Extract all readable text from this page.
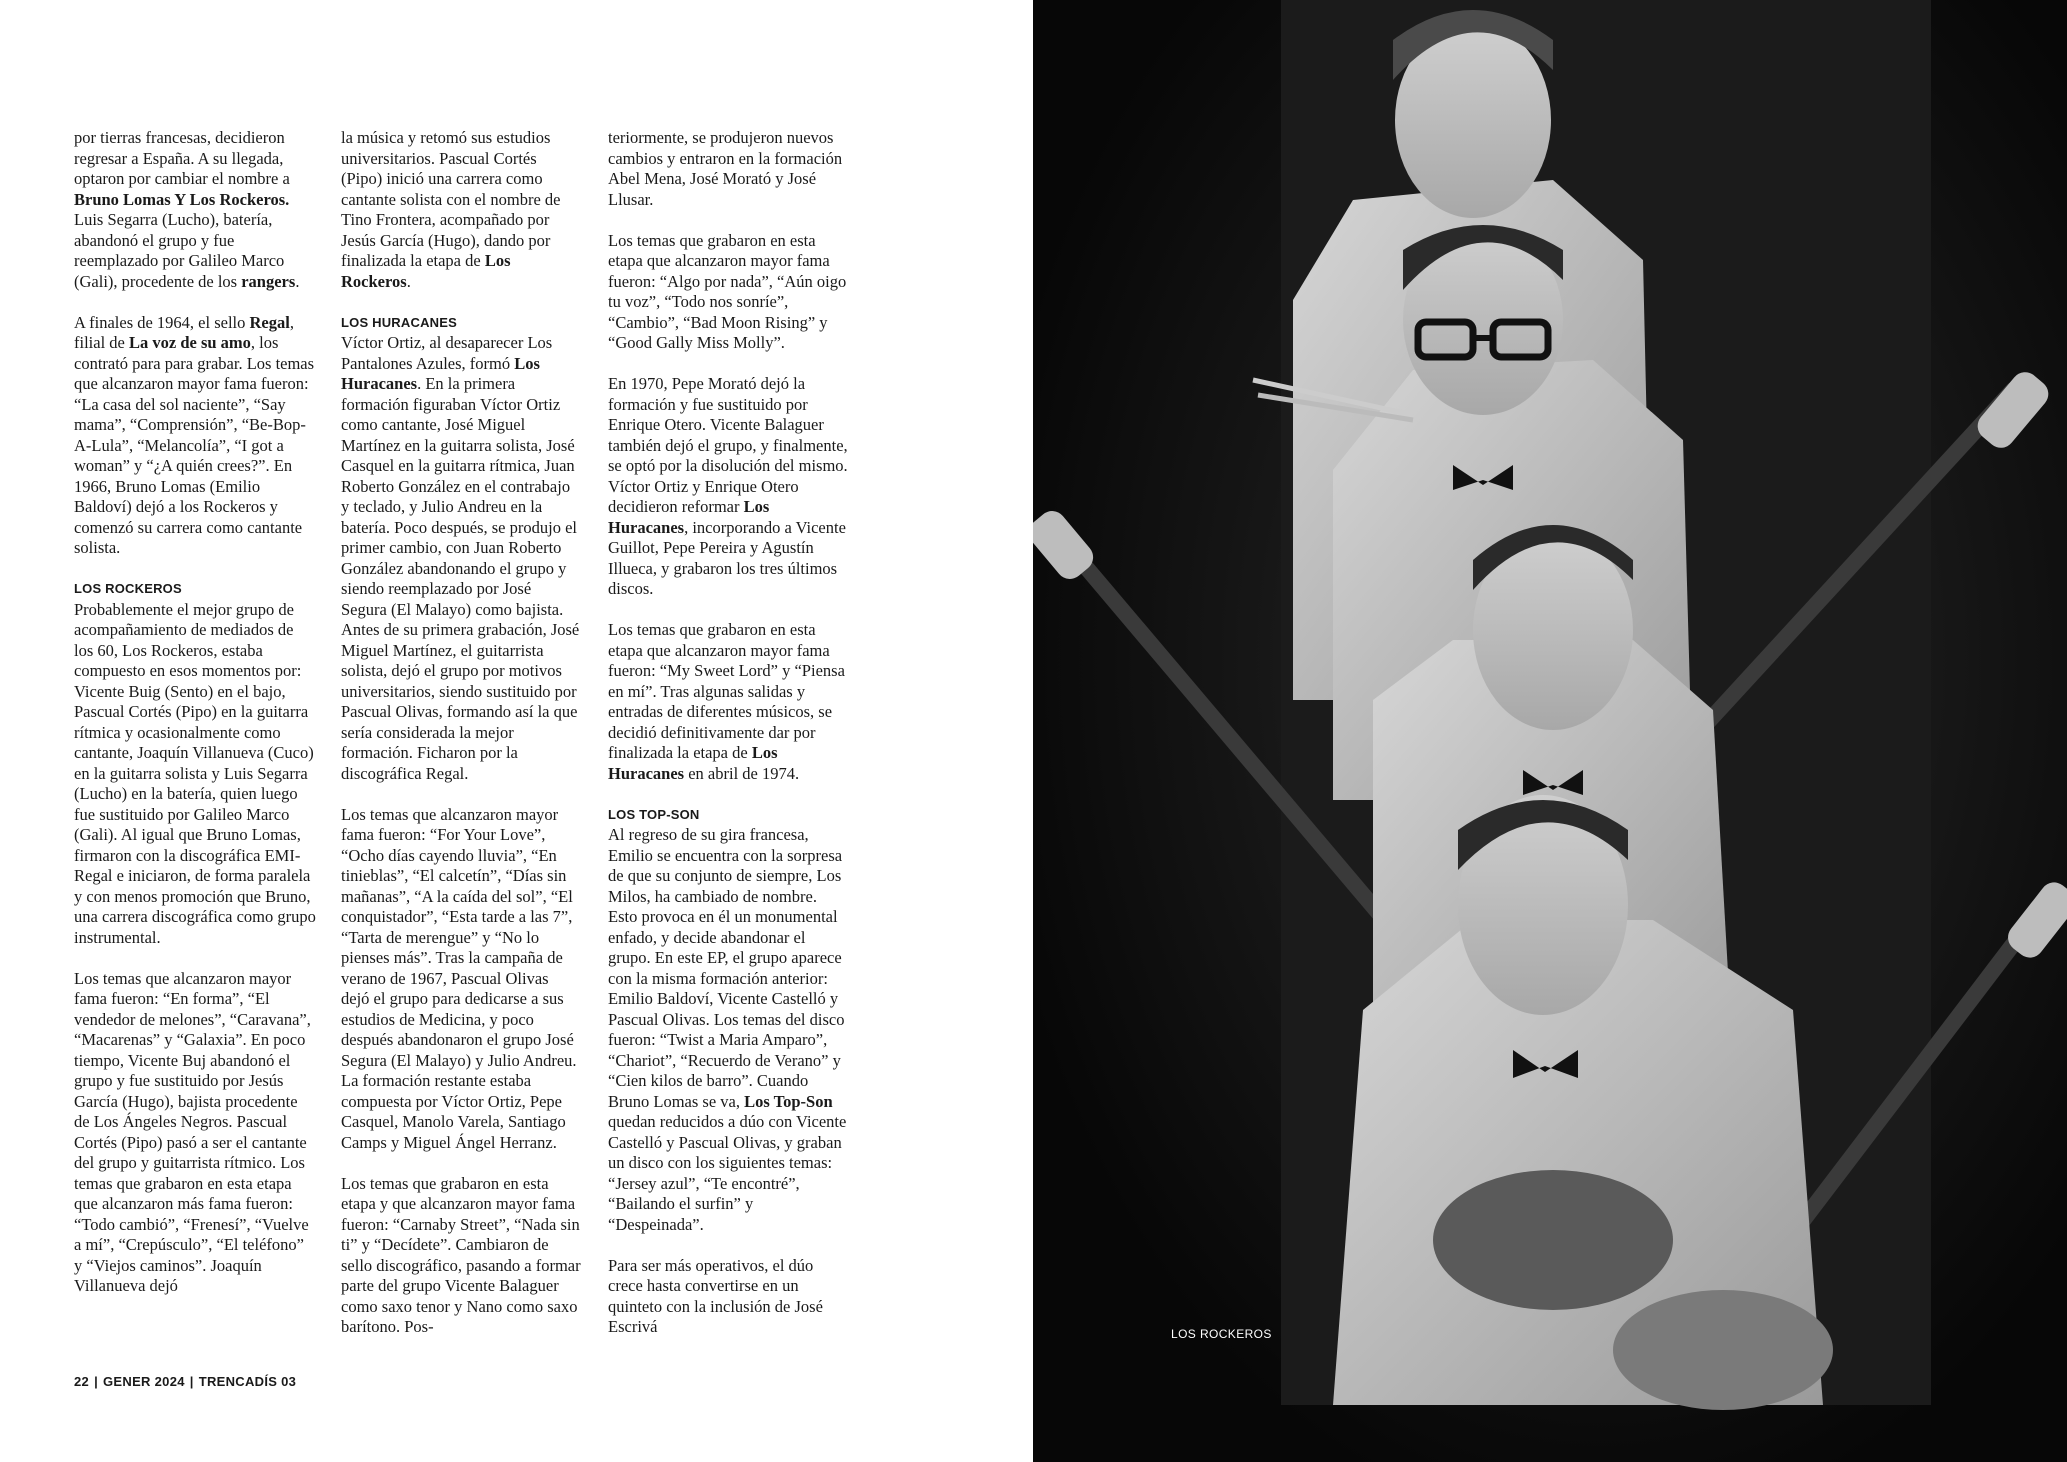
por tierras francesas, decidieron regresar a España. A su llegada, optaron por cambiar el nombre a Bruno Lomas Y Los Rockeros. Luis Segarra (Lucho), batería, abandonó el grupo y fue reemplazado por Galileo Marco (Gali), procedente de los rangers.

A finales de 1964, el sello Regal, filial de La voz de su amo, los contrató para para grabar. Los temas que alcanzaron mayor fama fueron: “La casa del sol naciente”, “Say mama”, “Comprensión”, “Be-Bop-A-Lula”, “Melancolía”, “I got a woman” y “¿A quién crees?”. En 1966, Bruno Lomas (Emilio Baldoví) dejó a los Rockeros y comenzó su carrera como cantante solista.

LOS ROCKEROS

Probablemente el mejor grupo de acompañamiento de mediados de los 60, Los Rockeros, estaba compuesto en esos momentos por: Vicente Buig (Sento) en el bajo, Pascual Cortés (Pipo) en la guitarra rítmica y ocasionalmente como cantante, Joaquín Villanueva (Cuco) en la guitarra solista y Luis Segarra (Lucho) en la batería, quien luego fue sustituido por Galileo Marco (Gali). Al igual que Bruno Lomas, firmaron con la discográfica EMI-Regal e iniciaron, de forma paralela y con menos promoción que Bruno, una carrera discográfica como grupo instrumental.

Los temas que alcanzaron mayor fama fueron: “En forma”, “El vendedor de melones”, “Caravana”, “Macarenas” y “Galaxia”. En poco tiempo, Vicente Buj abandonó el grupo y fue sustituido por Jesús García (Hugo), bajista procedente de Los Ángeles Negros. Pascual Cortés (Pipo) pasó a ser el cantante del grupo y guitarrista rítmico. Los temas que grabaron en esta etapa que alcanzaron más fama fueron: “Todo cambió”, “Frenesí”, “Vuelve a mí”, “Crepúsculo”, “El teléfono” y “Viejos caminos”. Joaquín Villanueva dejó

la música y retomó sus estudios universitarios. Pascual Cortés (Pipo) inició una carrera como cantante solista con el nombre de Tino Frontera, acompañado por Jesús García (Hugo), dando por finalizada la etapa de Los Rockeros.

LOS HURACANES

Víctor Ortiz, al desaparecer Los Pantalones Azules, formó Los Huracanes. En la primera formación figuraban Víctor Ortiz como cantante, José Miguel Martínez en la guitarra solista, José Casquel en la guitarra rítmica, Juan Roberto González en el contrabajo y teclado, y Julio Andreu en la batería. Poco después, se produjo el primer cambio, con Juan Roberto González abandonando el grupo y siendo reemplazado por José Segura (El Malayo) como bajista. Antes de su primera grabación, José Miguel Martínez, el guitarrista solista, dejó el grupo por motivos universitarios, siendo sustituido por Pascual Olivas, formando así la que sería considerada la mejor formación. Ficharon por la discográfica Regal.

Los temas que alcanzaron mayor fama fueron: “For Your Love”, “Ocho días cayendo lluvia”, “En tinieblas”, “El calcetín”, “Días sin mañanas”, “A la caída del sol”, “El conquistador”, “Esta tarde a las 7”, “Tarta de merengue” y “No lo pienses más”. Tras la campaña de verano de 1967, Pascual Olivas dejó el grupo para dedicarse a sus estudios de Medicina, y poco después abandonaron el grupo José Segura (El Malayo) y Julio Andreu. La formación restante estaba compuesta por Víctor Ortiz, Pepe Casquel, Manolo Varela, Santiago Camps y Miguel Ángel Herranz.

Los temas que grabaron en esta etapa y que alcanzaron mayor fama fueron: “Carnaby Street”, “Nada sin ti” y “Decídete”. Cambiaron de sello discográfico, pasando a formar parte del grupo Vicente Balaguer como saxo tenor y Nano como saxo barítono. Pos-

teriormente, se produjeron nuevos cambios y entraron en la formación Abel Mena, José Morató y José Llusar.

Los temas que grabaron en esta etapa que alcanzaron mayor fama fueron: “Algo por nada”, “Aún oigo tu voz”, “Todo nos sonríe”, “Cambio”, “Bad Moon Rising” y “Good Gally Miss Molly”.

En 1970, Pepe Morató dejó la formación y fue sustituido por Enrique Otero. Vicente Balaguer también dejó el grupo, y finalmente, se optó por la disolución del mismo. Víctor Ortiz y Enrique Otero decidieron reformar Los Huracanes, incorporando a Vicente Guillot, Pepe Pereira y Agustín Illueca, y grabaron los tres últimos discos.

Los temas que grabaron en esta etapa que alcanzaron mayor fama fueron: “My Sweet Lord” y “Piensa en mí”. Tras algunas salidas y entradas de diferentes músicos, se decidió definitivamente dar por finalizada la etapa de Los Huracanes en abril de 1974.

LOS TOP-SON

Al regreso de su gira francesa, Emilio se encuentra con la sorpresa de que su conjunto de siempre, Los Milos, ha cambiado de nombre. Esto provoca en él un monumental enfado, y decide abandonar el grupo. En este EP, el grupo aparece con la misma formación anterior: Emilio Baldoví, Vicente Castelló y Pascual Olivas. Los temas del disco fueron: “Twist a Maria Amparo”, “Chariot”, “Recuerdo de Verano” y “Cien kilos de barro”. Cuando Bruno Lomas se va, Los Top-Son quedan reducidos a dúo con Vicente Castelló y Pascual Olivas, y graban un disco con los siguientes temas: “Jersey azul”, “Te encontré”, “Bailando el surfin” y “Despeinada”.

Para ser más operativos, el dúo crece hasta convertirse en un quinteto con la inclusión de José Escrivá

22 | GENER 2024 | TRENCADÍS 03
LOS ROCKEROS
